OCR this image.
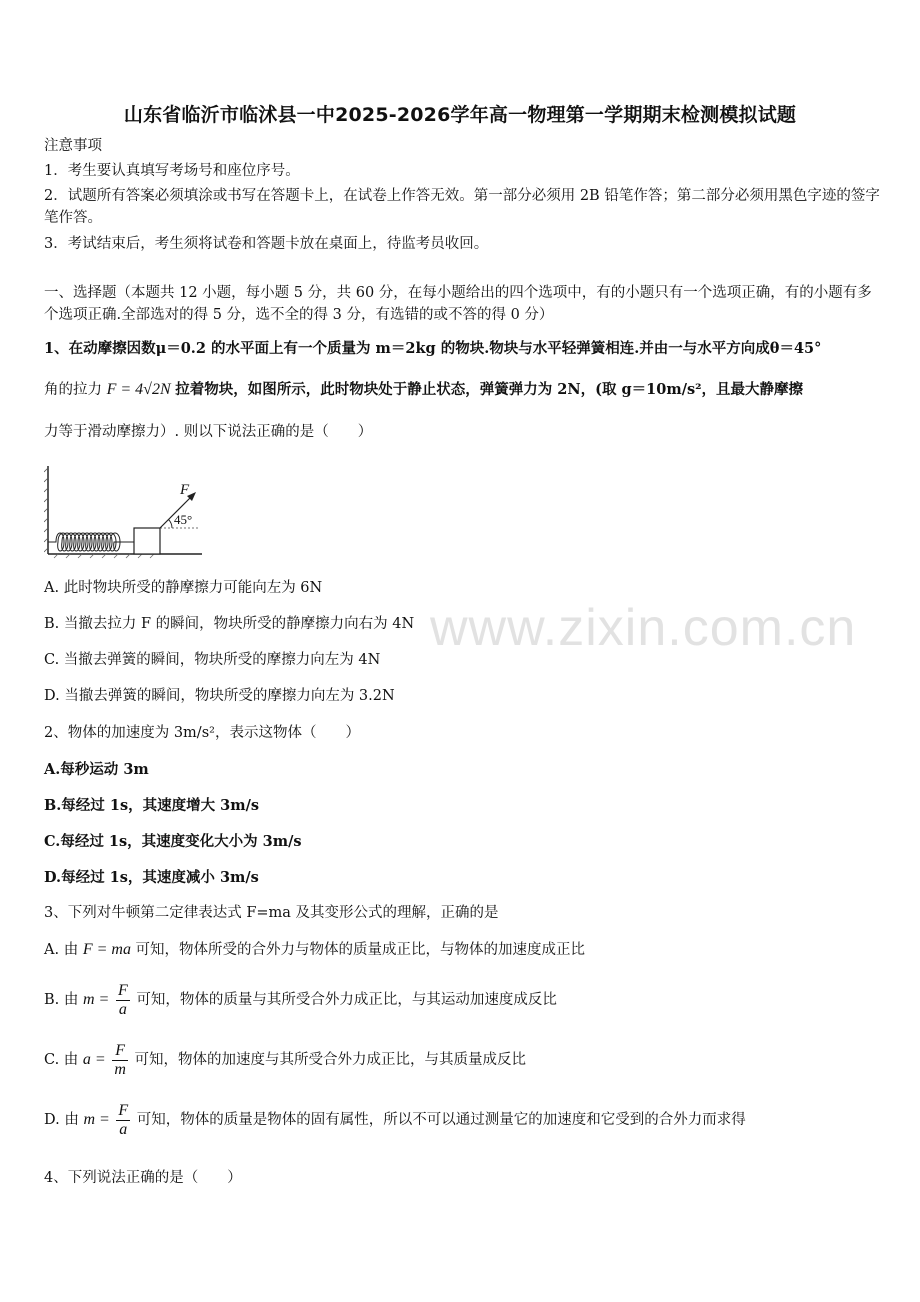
山东省临沂市临沭县一中2025-2026学年高一物理第一学期期末检测模拟试题
注意事项
1．考生要认真填写考场号和座位序号。
2．试题所有答案必须填涂或书写在答题卡上，在试卷上作答无效。第一部分必须用 2B 铅笔作答；第二部分必须用黑色字迹的签字笔作答。
3．考试结束后，考生须将试卷和答题卡放在桌面上，待监考员收回。
一、选择题（本题共 12 小题，每小题 5 分，共 60 分，在每小题给出的四个选项中，有的小题只有一个选项正确，有的小题有多个选项正确.全部选对的得 5 分，选不全的得 3 分，有选错的或不答的得 0 分）
1、在动摩擦因数μ＝0.2 的水平面上有一个质量为 m＝2kg 的物块.物块与水平轻弹簧相连.并由一与水平方向成θ＝45°
角的拉力 F = 4√2N 拉着物块，如图所示，此时物块处于静止状态，弹簧弹力为 2N，(取 g＝10m/s²，且最大静摩擦
力等于滑动摩擦力）. 则以下说法正确的是（　　）
F
45°
A. 此时物块所受的静摩擦力可能向左为 6N
B. 当撤去拉力 F 的瞬间，物块所受的静摩擦力向右为 4N
C. 当撤去弹簧的瞬间，物块所受的摩擦力向左为 4N
D. 当撤去弹簧的瞬间，物块所受的摩擦力向左为 3.2N
2、物体的加速度为 3m/s²，表示这物体（　　）
A.每秒运动 3m
B.每经过 1s，其速度增大 3m/s
C.每经过 1s，其速度变化大小为 3m/s
D.每经过 1s，其速度减小 3m/s
3、下列对牛顿第二定律表达式 F=ma 及其变形公式的理解，正确的是
A. 由 F = ma 可知，物体所受的合外力与物体的质量成正比，与物体的加速度成正比
B. 由 $m = \frac{F}{a}$ 可知，物体的质量与其所受合外力成正比，与其运动加速度成反比
C. 由 $a = \frac{F}{m}$ 可知，物体的加速度与其所受合外力成正比，与其质量成反比
D. 由 $m = \frac{F}{a}$ 可知，物体的质量是物体的固有属性，所以不可以通过测量它的加速度和它受到的合外力而求得
4、下列说法正确的是（　　）
www.zixin.com.cn
